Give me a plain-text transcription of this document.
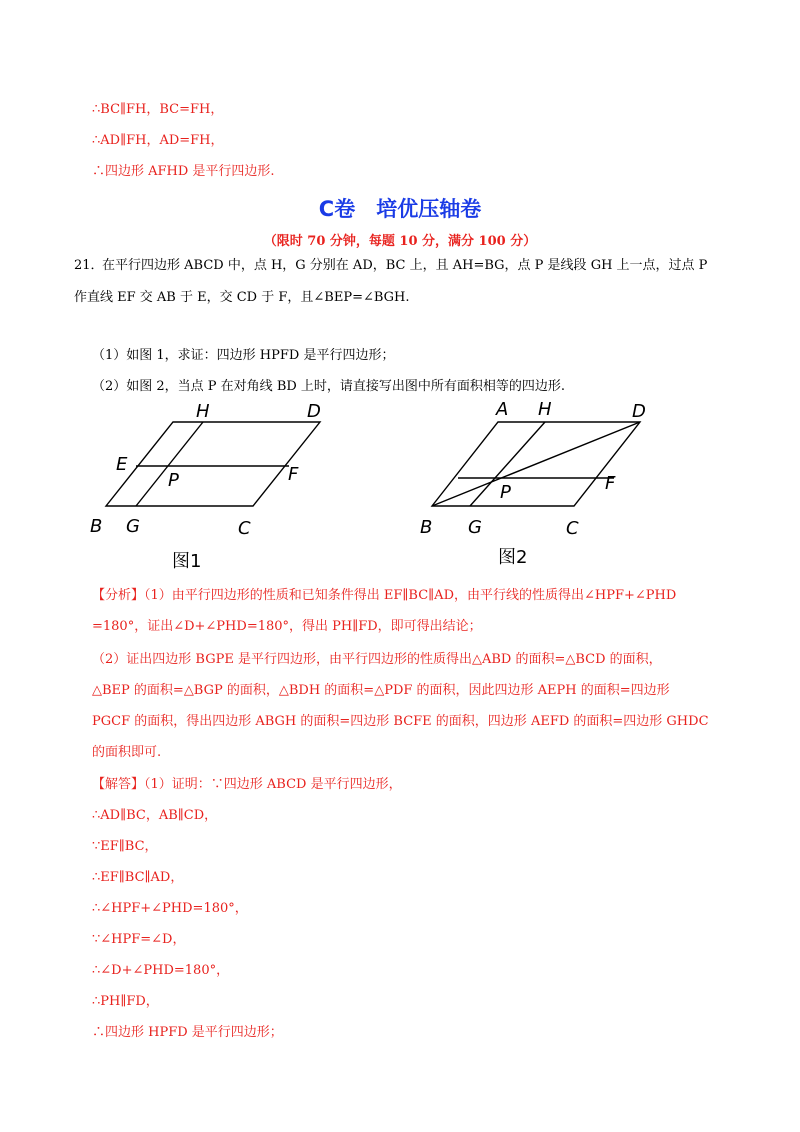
∴BC∥FH，BC=FH，
∴AD∥FH，AD=FH，
∴四边形 AFHD 是平行四边形.
C卷　培优压轴卷
（限时 70 分钟，每题 10 分，满分 100 分）
21．
在平行四边形 ABCD 中，点 H，G 分别在 AD，BC 上，且 AH=BG，点 P 是线段 GH 上一点，过点 P
作直线 EF 交 AB 于 E，交 CD 于 F，且∠BEP=∠BGH.
（1）如图 1，求证：四边形 HPFD 是平行四边形；
（2）如图 2，当点 P 在对角线 BD 上时，请直接写出图中所有面积相等的四边形.
H	D
E
P	F
B G	C
图1
A H	D
P	F
B G	C
图2
【分析】（1）由平行四边形的性质和已知条件得出 EF∥BC∥AD，由平行线的性质得出∠HPF+∠PHD
=180°，证出∠D+∠PHD=180°，得出 PH∥FD，即可得出结论；
（2）证出四边形 BGPE 是平行四边形，由平行四边形的性质得出△ABD 的面积=△BCD 的面积，
△BEP 的面积=△BGP 的面积，△BDH 的面积=△PDF 的面积，因此四边形 AEPH 的面积=四边形
PGCF 的面积，得出四边形 ABGH 的面积=四边形 BCFE 的面积，四边形 AEFD 的面积=四边形 GHDC
的面积即可.
【解答】（1）证明：∵四边形 ABCD 是平行四边形，
∴AD∥BC，AB∥CD，
∵EF∥BC，
∴EF∥BC∥AD，
∴∠HPF+∠PHD=180°，
∵∠HPF=∠D，
∴∠D+∠PHD=180°，
∴PH∥FD，
∴四边形 HPFD 是平行四边形；
